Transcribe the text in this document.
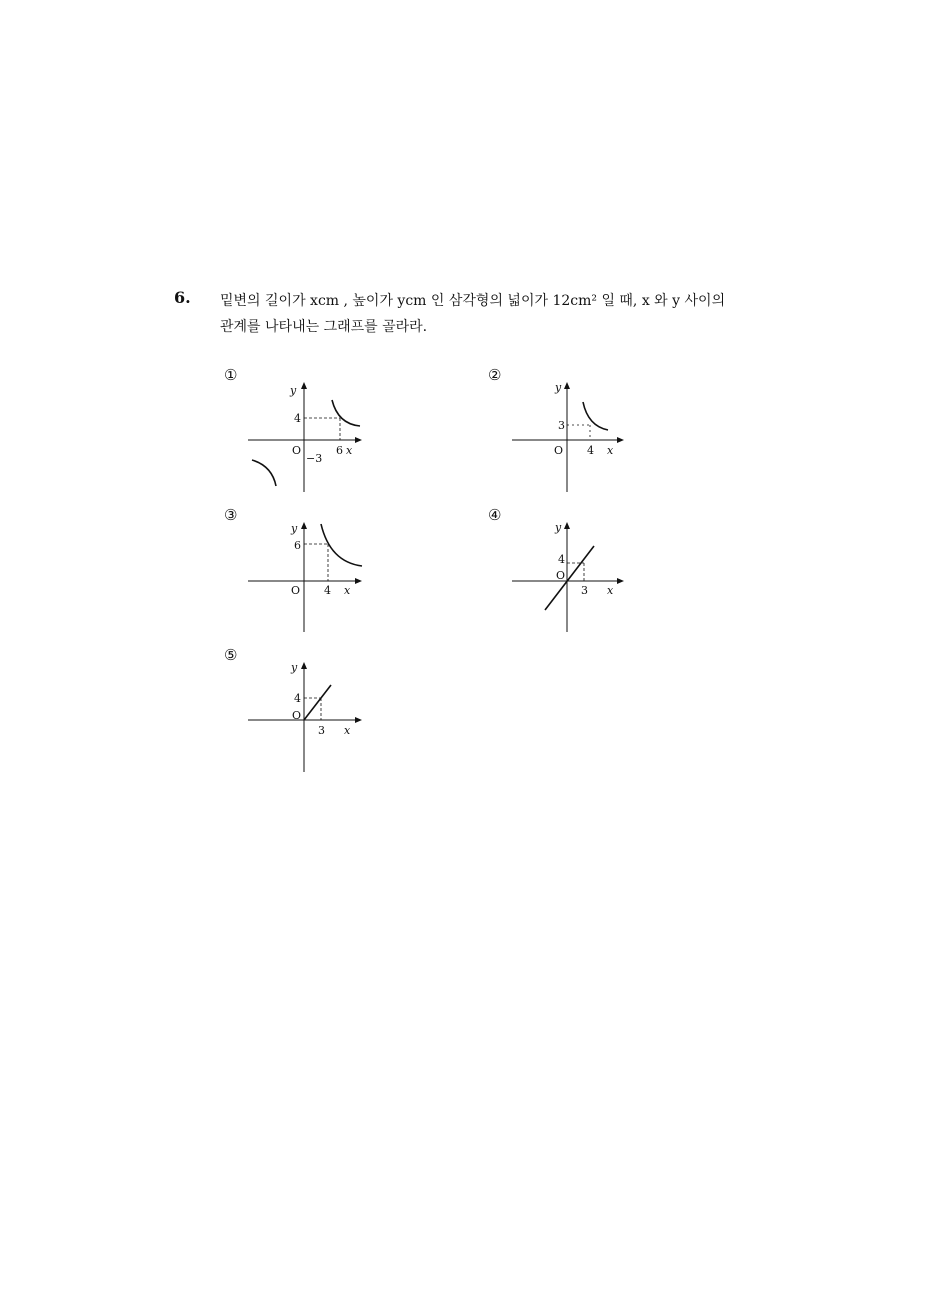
6. 밑변의 길이가 xcm , 높이가 ycm 인 삼각형의 넓이가 12cm² 일 때, x 와 y 사이의
관계를 나타내는 그래프를 골라라.
①
y
4
O
−3
6 x
②
y
3
O 4 x
③
y
6
O 4 x
④
y
4
O
3 x
⑤
y
4
O
3 x
